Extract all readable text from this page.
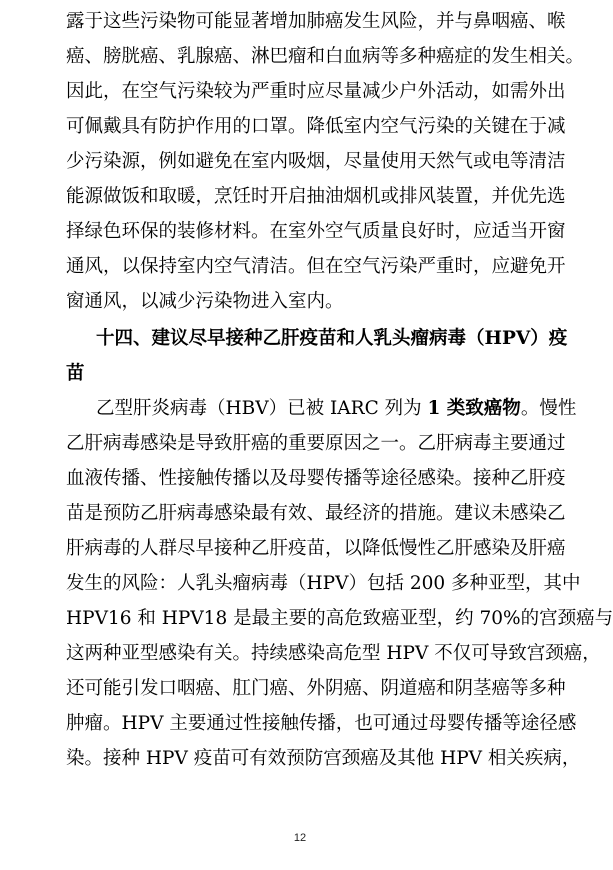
露于这些污染物可能显著增加肺癌发生风险，并与鼻咽癌、喉
癌、膀胱癌、乳腺癌、淋巴瘤和白血病等多种癌症的发生相关。
因此，在空气污染较为严重时应尽量减少户外活动，如需外出
可佩戴具有防护作用的口罩。降低室内空气污染的关键在于减
少污染源，例如避免在室内吸烟，尽量使用天然气或电等清洁
能源做饭和取暖，烹饪时开启抽油烟机或排风装置，并优先选
择绿色环保的装修材料。在室外空气质量良好时，应适当开窗
通风，以保持室内空气清洁。但在空气污染严重时，应避免开
窗通风，以减少污染物进入室内。
十四、建议尽早接种乙肝疫苗和人乳头瘤病毒（HPV）疫
苗
乙型肝炎病毒（HBV）已被 IARC 列为 1 类致癌物。慢性
乙肝病毒感染是导致肝癌的重要原因之一。乙肝病毒主要通过
血液传播、性接触传播以及母婴传播等途径感染。接种乙肝疫
苗是预防乙肝病毒感染最有效、最经济的措施。建议未感染乙
肝病毒的人群尽早接种乙肝疫苗，以降低慢性乙肝感染及肝癌
发生的风险：人乳头瘤病毒（HPV）包括 200 多种亚型，其中
HPV16 和 HPV18 是最主要的高危致癌亚型，约 70%的宫颈癌与
这两种亚型感染有关。持续感染高危型 HPV 不仅可导致宫颈癌，
还可能引发口咽癌、肛门癌、外阴癌、阴道癌和阴茎癌等多种
肿瘤。HPV 主要通过性接触传播，也可通过母婴传播等途径感
染。接种 HPV 疫苗可有效预防宫颈癌及其他 HPV 相关疾病，
12
